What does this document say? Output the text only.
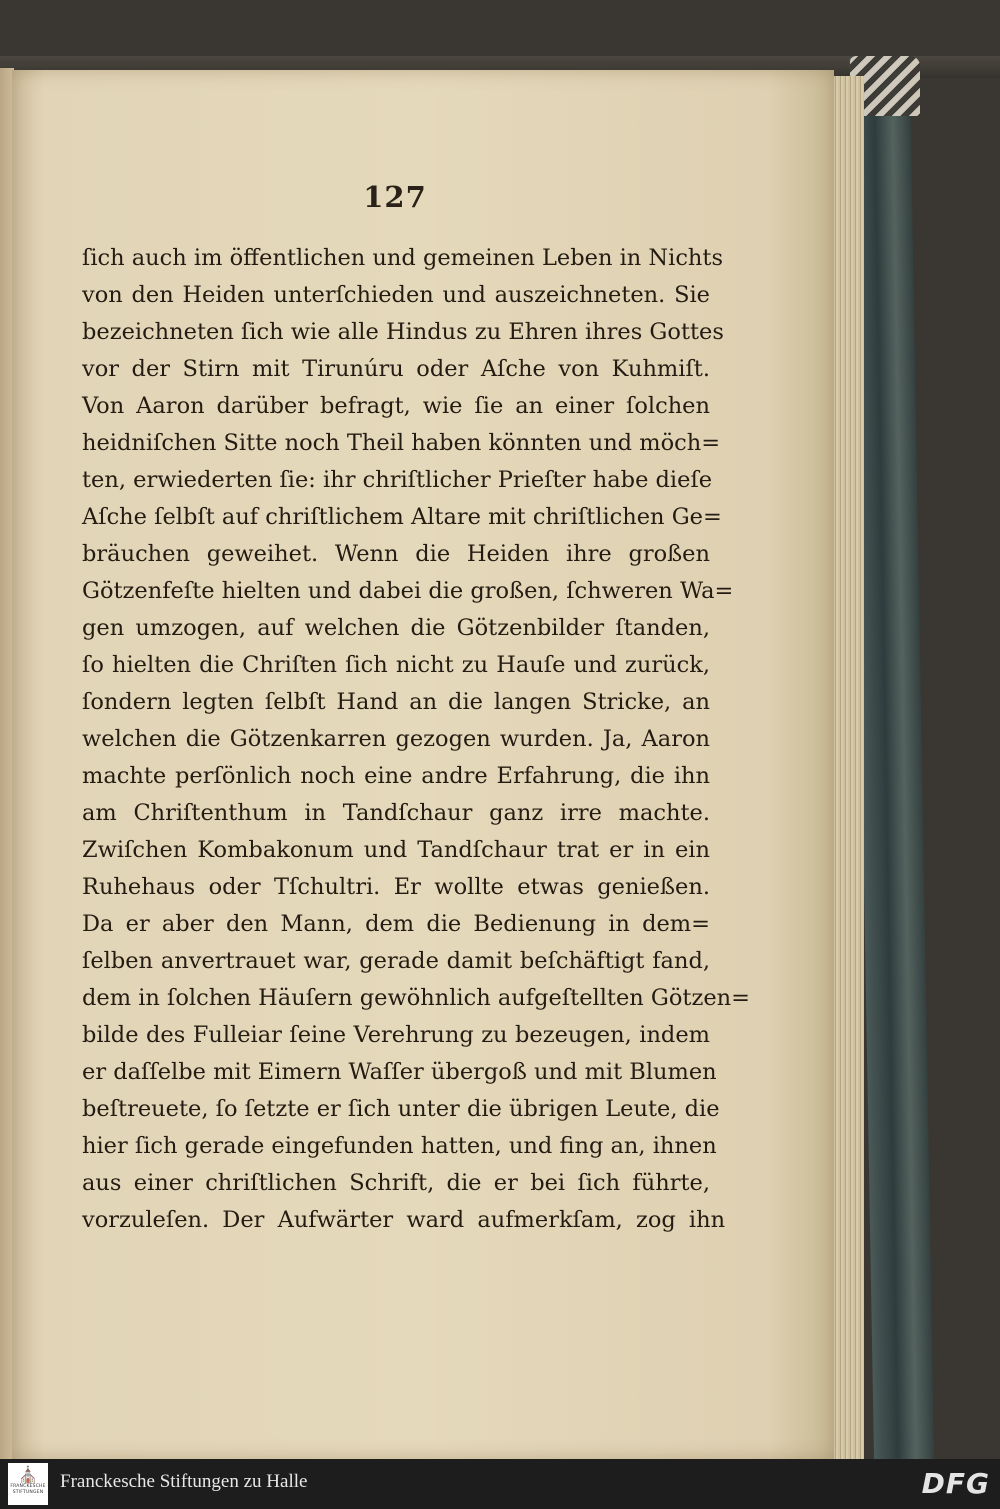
127
ſich auch im öffentlichen und gemeinen Leben in Nichts
von den Heiden unterſchieden und auszeichneten. Sie
bezeichneten ſich wie alle Hindus zu Ehren ihres Gottes
vor der Stirn mit Tirunúru oder Aſche von Kuhmiſt.
Von Aaron darüber befragt, wie ſie an einer ſolchen
heidniſchen Sitte noch Theil haben könnten und möch=
ten, erwiederten ſie: ihr chriſtlicher Prieſter habe dieſe
Aſche ſelbſt auf chriſtlichem Altare mit chriſtlichen Ge=
bräuchen geweihet. Wenn die Heiden ihre großen
Götzenfeſte hielten und dabei die großen, ſchweren Wa=
gen umzogen, auf welchen die Götzenbilder ſtanden,
ſo hielten die Chriſten ſich nicht zu Hauſe und zurück,
ſondern legten ſelbſt Hand an die langen Stricke, an
welchen die Götzenkarren gezogen wurden. Ja, Aaron
machte perſönlich noch eine andre Erfahrung, die ihn
am Chriſtenthum in Tandſchaur ganz irre machte.
Zwiſchen Kombakonum und Tandſchaur trat er in ein
Ruhehaus oder Tſchultri. Er wollte etwas genießen.
Da er aber den Mann, dem die Bedienung in dem=
ſelben anvertrauet war, gerade damit beſchäftigt fand,
dem in ſolchen Häuſern gewöhnlich aufgeſtellten Götzen=
bilde des Fulleiar ſeine Verehrung zu bezeugen, indem
er daſſelbe mit Eimern Waſſer übergoß und mit Blumen
beſtreuete, ſo ſetzte er ſich unter die übrigen Leute, die
hier ſich gerade eingefunden hatten, und fing an, ihnen
aus einer chriſtlichen Schrift, die er bei ſich führte,
vorzuleſen. Der Aufwärter ward aufmerkſam, zog ihn
⛪
FRANCKESCHE STIFTUNGEN
Franckesche Stiftungen zu Halle	DFG
